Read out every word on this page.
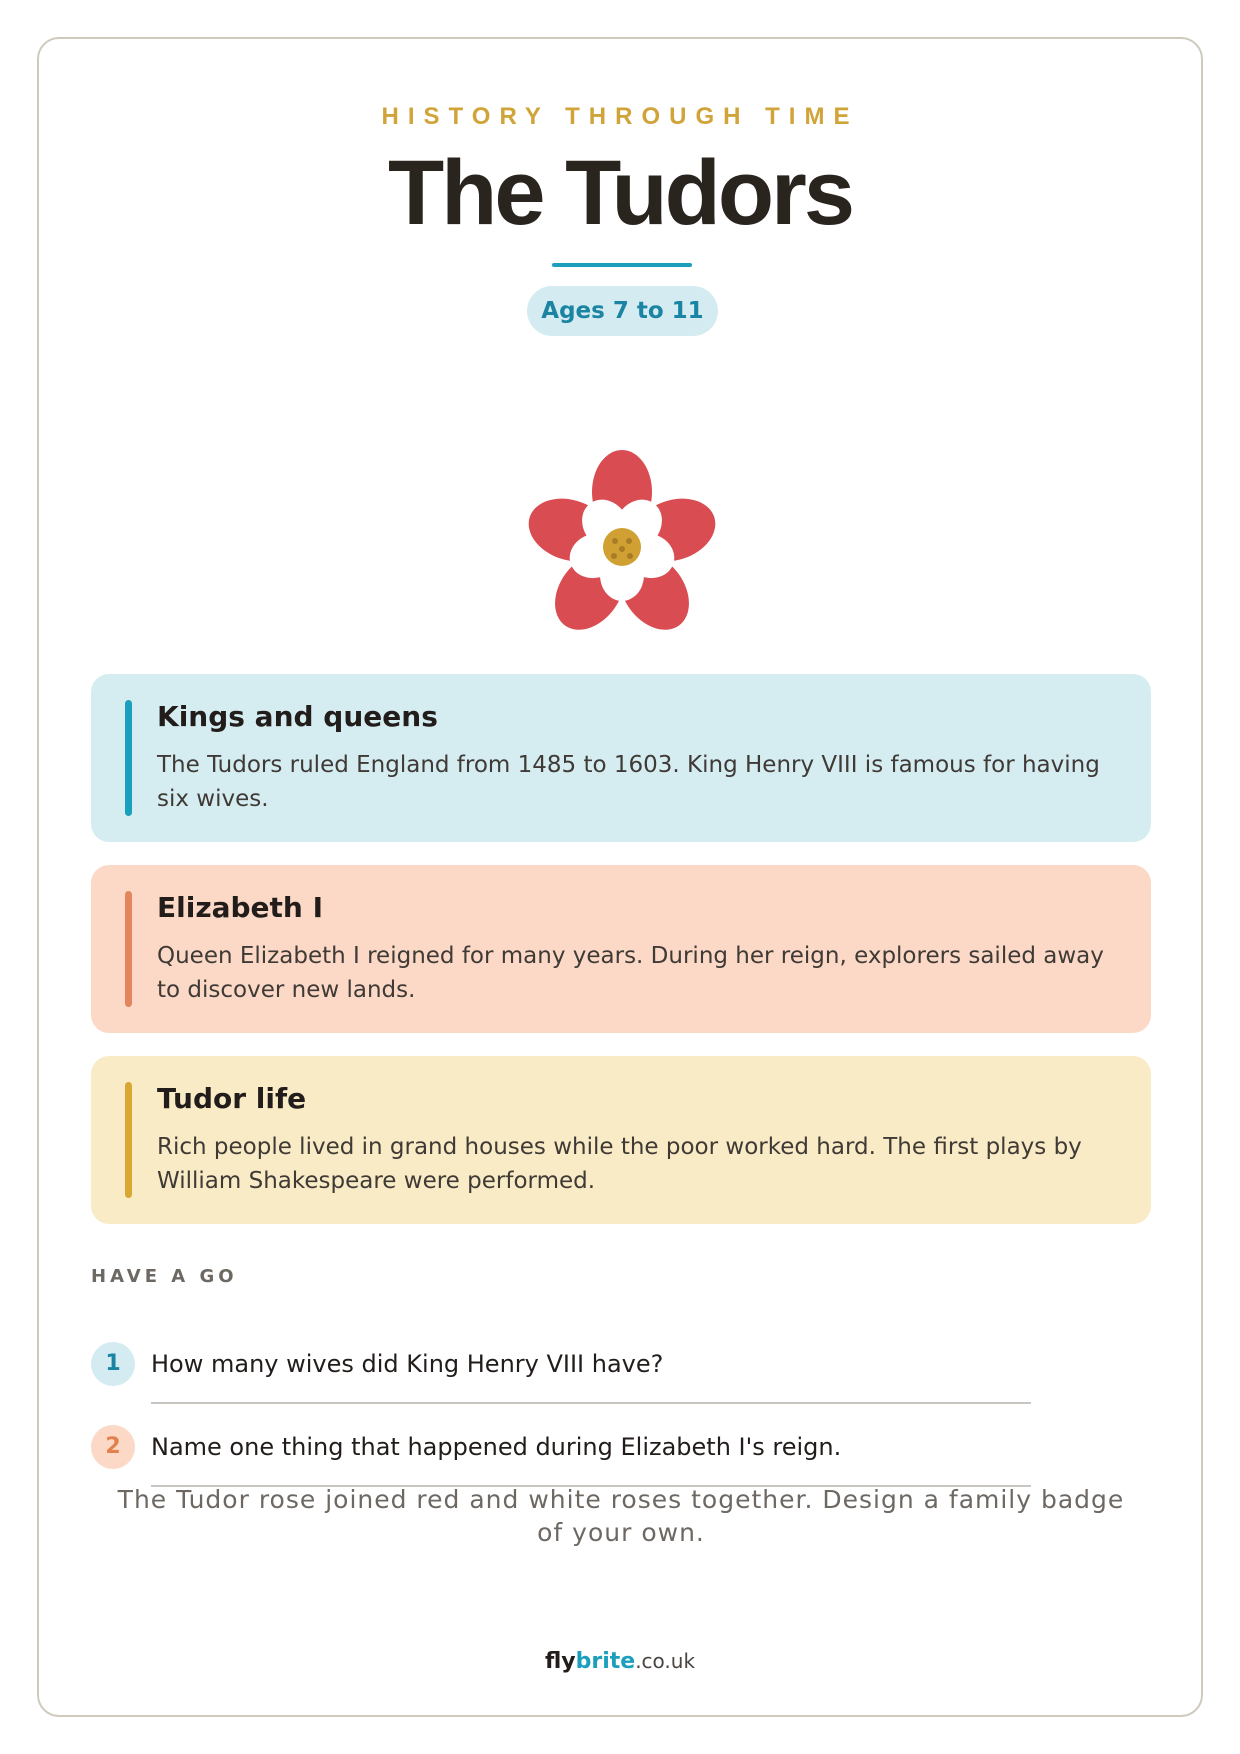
HISTORY THROUGH TIME
The Tudors
Ages 7 to 11
Kings and queens

The Tudors ruled England from 1485 to 1603. King Henry VIII is famous for having six wives.

Elizabeth I

Queen Elizabeth I reigned for many years. During her reign, explorers sailed away to discover new lands.

Tudor life

Rich people lived in grand houses while the poor worked hard. The first plays by William Shakespeare were performed.

HAVE A GO
1	How many wives did King Henry VIII have?
2	Name one thing that happened during Elizabeth I's reign.
The Tudor rose joined red and white roses together. Design a family badge of your own.
flybrite.co.uk
